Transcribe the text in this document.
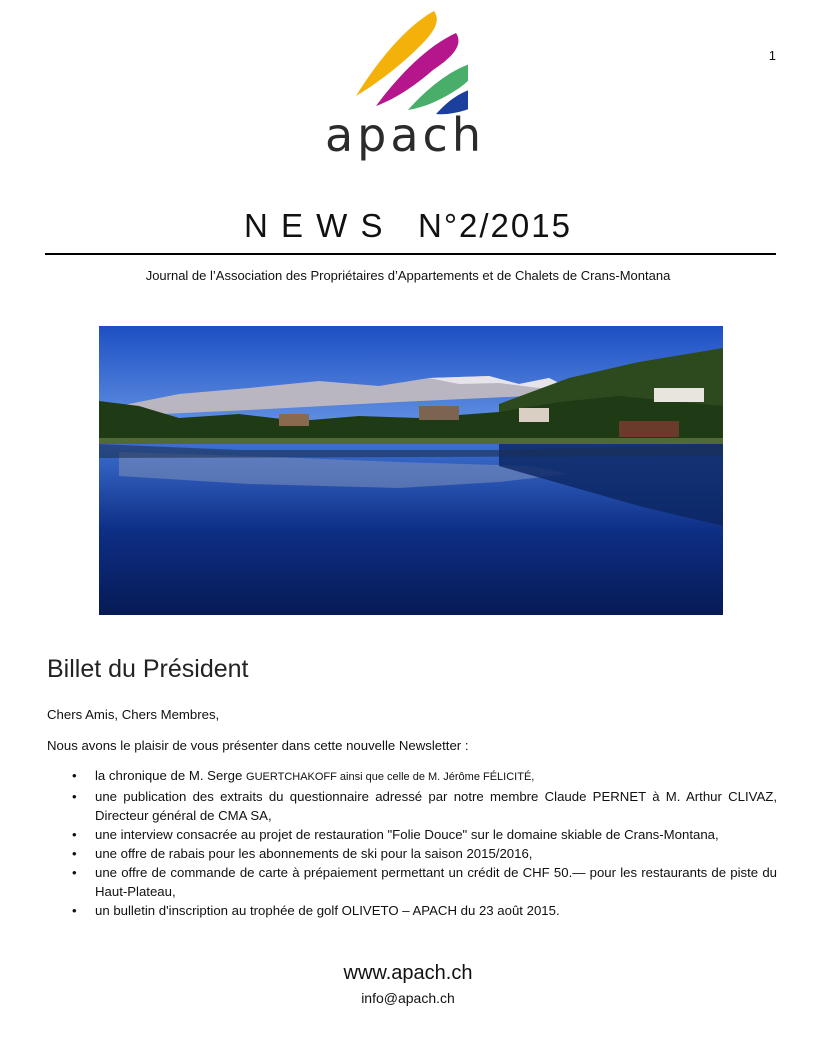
1
apach
N E W S   N°2/2015
Journal de l’Association des Propriétaires d’Appartements et de Chalets de Crans-Montana
Billet du Président
Chers Amis, Chers Membres,
Nous avons le plaisir de vous présenter dans cette nouvelle Newsletter :
• la chronique de M. Serge GUERTCHAKOFF ainsi que celle de M. Jérôme FÉLICITÉ,
• une publication des extraits du questionnaire adressé par notre membre Claude PERNET à M. Arthur CLIVAZ, Directeur général de CMA SA,
• une interview consacrée au projet de restauration "Folie Douce" sur le domaine skiable de Crans-Montana,
• une offre de rabais pour les abonnements de ski pour la saison 2015/2016,
• une offre de commande de carte à prépaiement permettant un crédit de CHF 50.— pour les restaurants de piste du Haut-Plateau,
• un bulletin d'inscription au trophée de golf OLIVETO – APACH du 23 août 2015.
www.apach.ch
info@apach.ch
